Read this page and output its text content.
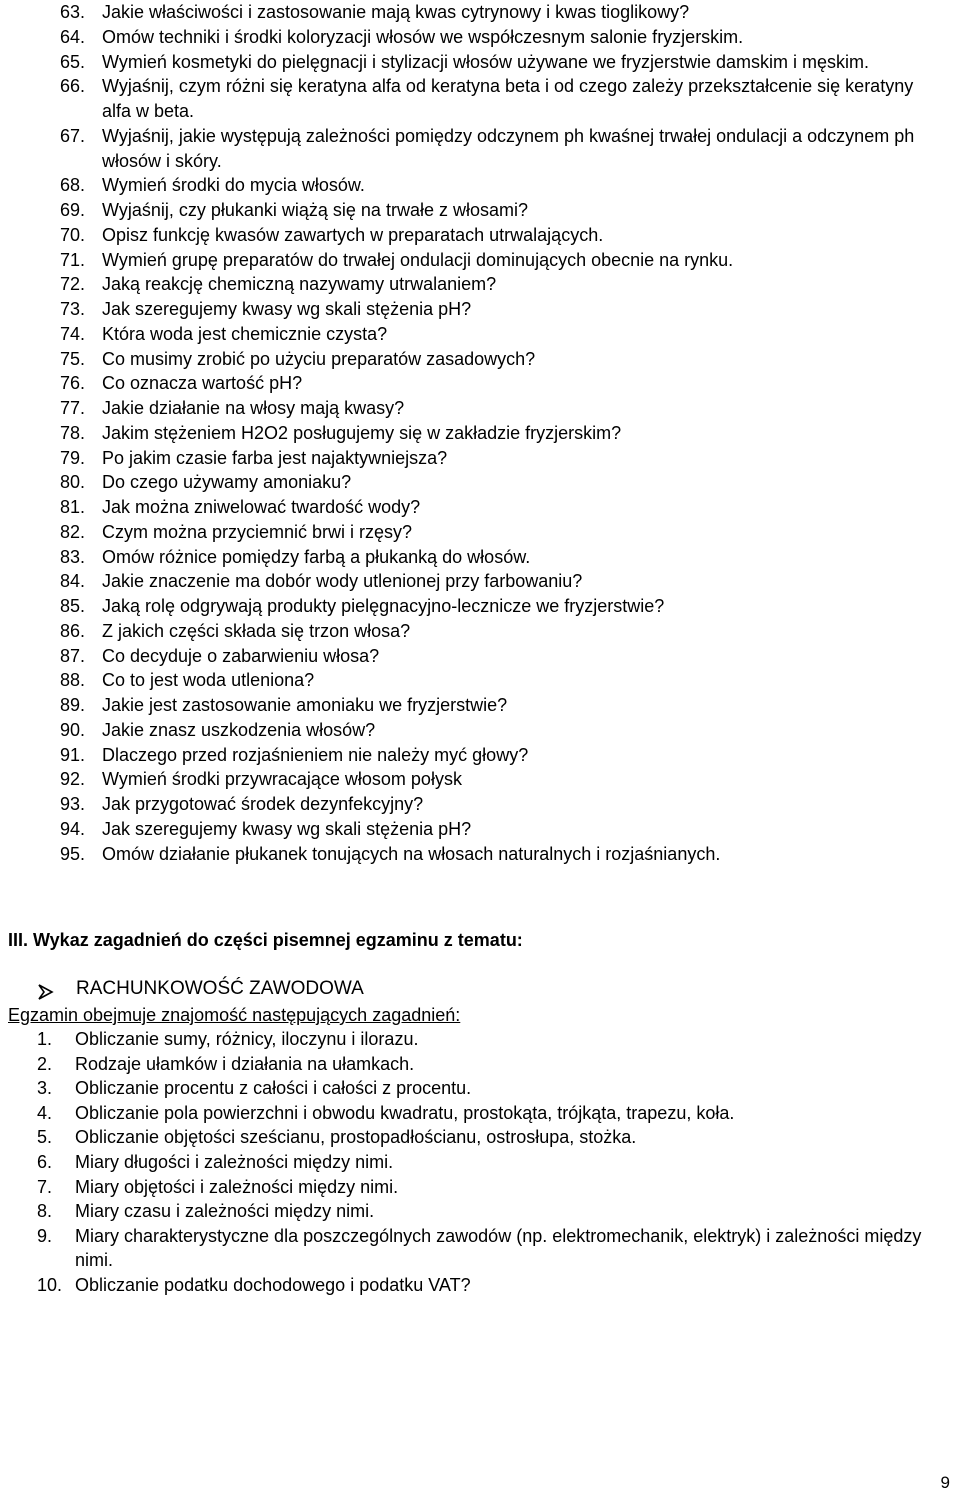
63. Jakie właściwości i zastosowanie mają kwas cytrynowy i kwas tioglikowy?
64. Omów techniki i środki koloryzacji włosów we współczesnym salonie fryzjerskim.
65. Wymień kosmetyki do pielęgnacji i stylizacji włosów używane we fryzjerstwie damskim i męskim.
66. Wyjaśnij, czym różni się keratyna alfa od keratyna beta i od czego zależy przekształcenie się keratyny alfa w beta.
67. Wyjaśnij, jakie występują zależności pomiędzy odczynem ph kwaśnej trwałej ondulacji a odczynem ph włosów i skóry.
68. Wymień środki do mycia włosów.
69. Wyjaśnij, czy płukanki wiążą się na trwałe z włosami?
70. Opisz funkcję kwasów zawartych w preparatach utrwalających.
71. Wymień grupę preparatów do trwałej ondulacji dominujących obecnie na rynku.
72. Jaką reakcję chemiczną nazywamy utrwalaniem?
73. Jak szeregujemy kwasy wg skali stężenia pH?
74. Która woda jest chemicznie czysta?
75. Co musimy zrobić po użyciu preparatów zasadowych?
76. Co oznacza wartość pH?
77. Jakie działanie na włosy mają kwasy?
78. Jakim stężeniem H2O2 posługujemy się w zakładzie fryzjerskim?
79. Po jakim czasie farba jest najaktywniejsza?
80. Do czego używamy amoniaku?
81. Jak można zniwelować twardość wody?
82. Czym można przyciemnić brwi i rzęsy?
83. Omów różnice pomiędzy farbą a płukanką do włosów.
84. Jakie znaczenie ma dobór wody utlenionej przy farbowaniu?
85. Jaką rolę odgrywają produkty pielęgnacyjno-lecznicze we fryzjerstwie?
86. Z jakich części składa się trzon włosa?
87. Co decyduje o zabarwieniu włosa?
88. Co to jest woda utleniona?
89. Jakie jest zastosowanie amoniaku we fryzjerstwie?
90. Jakie znasz uszkodzenia włosów?
91. Dlaczego przed rozjaśnieniem nie należy myć głowy?
92. Wymień środki przywracające włosom połysk
93. Jak przygotować środek dezynfekcyjny?
94. Jak szeregujemy kwasy wg skali stężenia pH?
95. Omów działanie płukanek tonujących na włosach naturalnych i rozjaśnianych.
III. Wykaz zagadnień do części pisemnej egzaminu z tematu:
RACHUNKOWOŚĆ ZAWODOWA
Egzamin obejmuje znajomość następujących zagadnień:
1.	Obliczanie sumy, różnicy, iloczynu i ilorazu.
2.	Rodzaje ułamków i działania na ułamkach.
3.	Obliczanie procentu z całości i całości z procentu.
4.	Obliczanie pola powierzchni i obwodu kwadratu, prostokąta, trójkąta, trapezu, koła.
5.	Obliczanie objętości sześcianu, prostopadłościanu, ostrosłupa, stożka.
6.	Miary długości i zależności między nimi.
7.	Miary objętości i zależności między nimi.
8.	Miary czasu i zależności między nimi.
9.	Miary charakterystyczne dla poszczególnych zawodów (np. elektromechanik, elektryk) i zależności między nimi.
10. Obliczanie podatku dochodowego i podatku VAT?
9
